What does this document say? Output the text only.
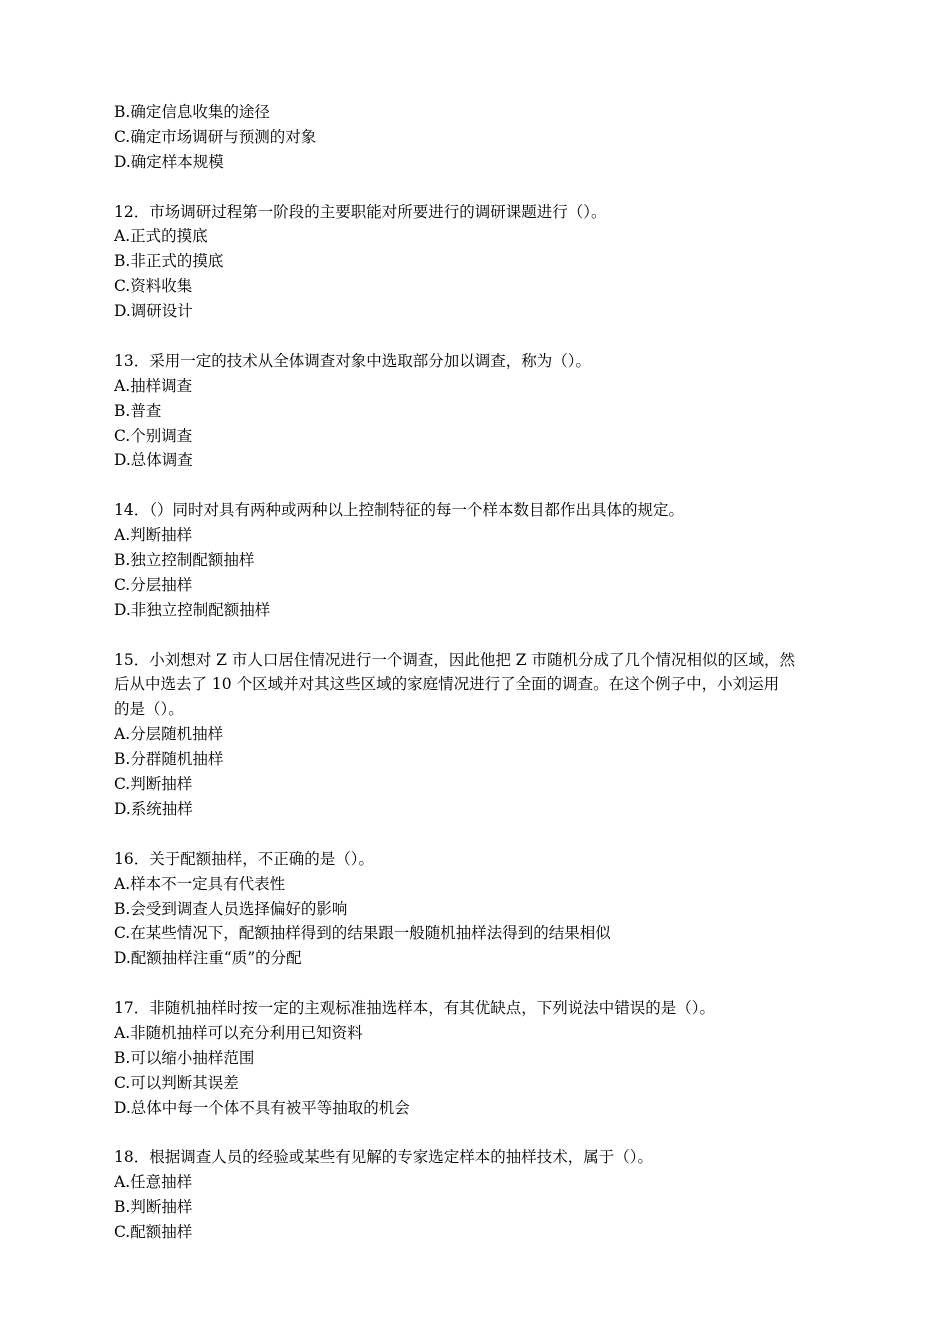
B.确定信息收集的途径
C.确定市场调研与预测的对象
D.确定样本规模
12．市场调研过程第一阶段的主要职能对所要进行的调研课题进行（）。
A.正式的摸底
B.非正式的摸底
C.资料收集
D.调研设计
13．采用一定的技术从全体调查对象中选取部分加以调查，称为（）。
A.抽样调查
B.普查
C.个别调查
D.总体调查
14．（）同时对具有两种或两种以上控制特征的每一个样本数目都作出具体的规定。
A.判断抽样
B.独立控制配额抽样
C.分层抽样
D.非独立控制配额抽样
15．小刘想对 Z 市人口居住情况进行一个调查，因此他把 Z 市随机分成了几个情况相似的区域，然
后从中选去了 10 个区域并对其这些区域的家庭情况进行了全面的调查。在这个例子中，小刘运用
的是（）。
A.分层随机抽样
B.分群随机抽样
C.判断抽样
D.系统抽样
16．关于配额抽样，不正确的是（）。
A.样本不一定具有代表性
B.会受到调查人员选择偏好的影响
C.在某些情况下，配额抽样得到的结果跟一般随机抽样法得到的结果相似
D.配额抽样注重“质”的分配
17．非随机抽样时按一定的主观标准抽选样本，有其优缺点，下列说法中错误的是（）。
A.非随机抽样可以充分利用已知资料
B.可以缩小抽样范围
C.可以判断其误差
D.总体中每一个体不具有被平等抽取的机会
18．根据调查人员的经验或某些有见解的专家选定样本的抽样技术，属于（）。
A.任意抽样
B.判断抽样
C.配额抽样
